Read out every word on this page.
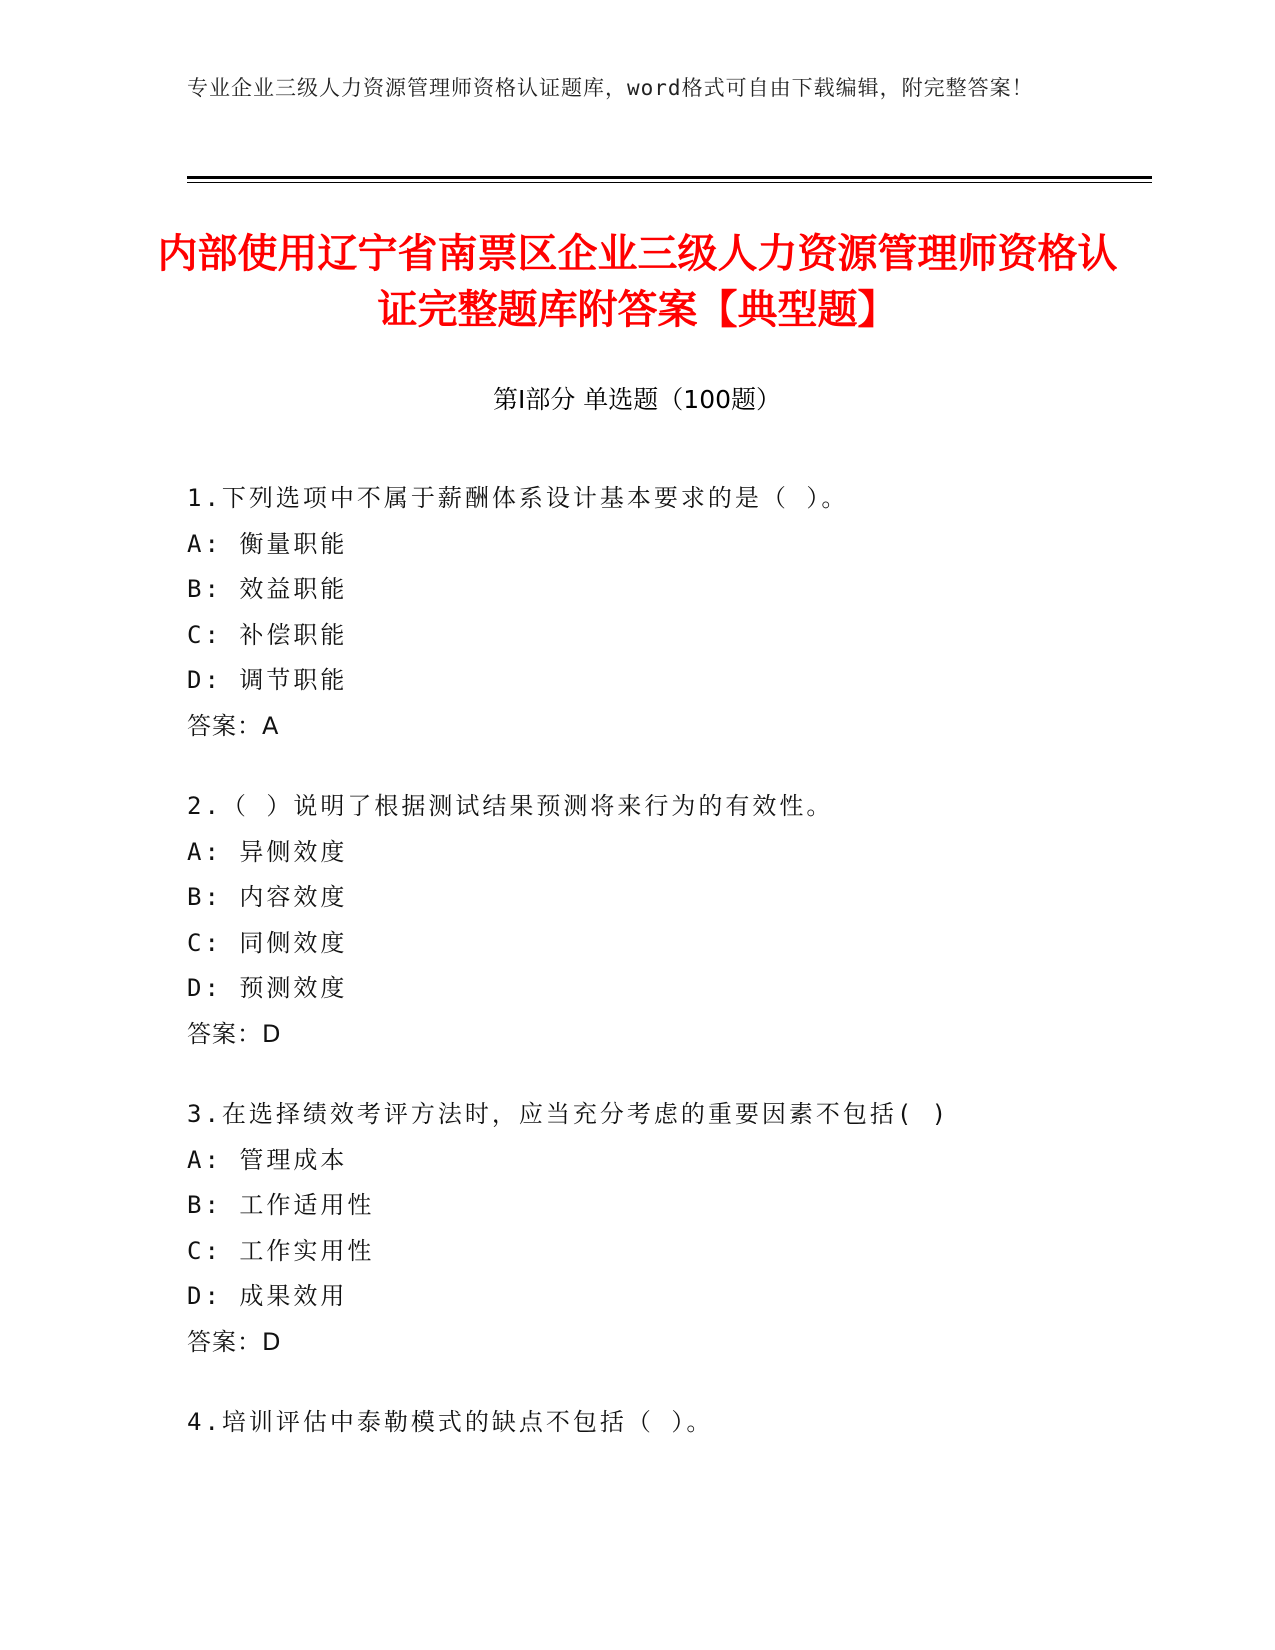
专业企业三级人力资源管理师资格认证题库，word格式可自由下载编辑，附完整答案！
内部使用辽宁省南票区企业三级人力资源管理师资格认证完整题库附答案【典型题】
第Ⅰ部分 单选题（100题）
1.下列选项中不属于薪酬体系设计基本要求的是（ ）。
A: 衡量职能
B: 效益职能
C: 补偿职能
D: 调节职能
答案：A
2.（ ）说明了根据测试结果预测将来行为的有效性。
A: 异侧效度
B: 内容效度
C: 同侧效度
D: 预测效度
答案：D
3.在选择绩效考评方法时，应当充分考虑的重要因素不包括( )
A: 管理成本
B: 工作适用性
C: 工作实用性
D: 成果效用
答案：D
4.培训评估中泰勒模式的缺点不包括（ ）。
